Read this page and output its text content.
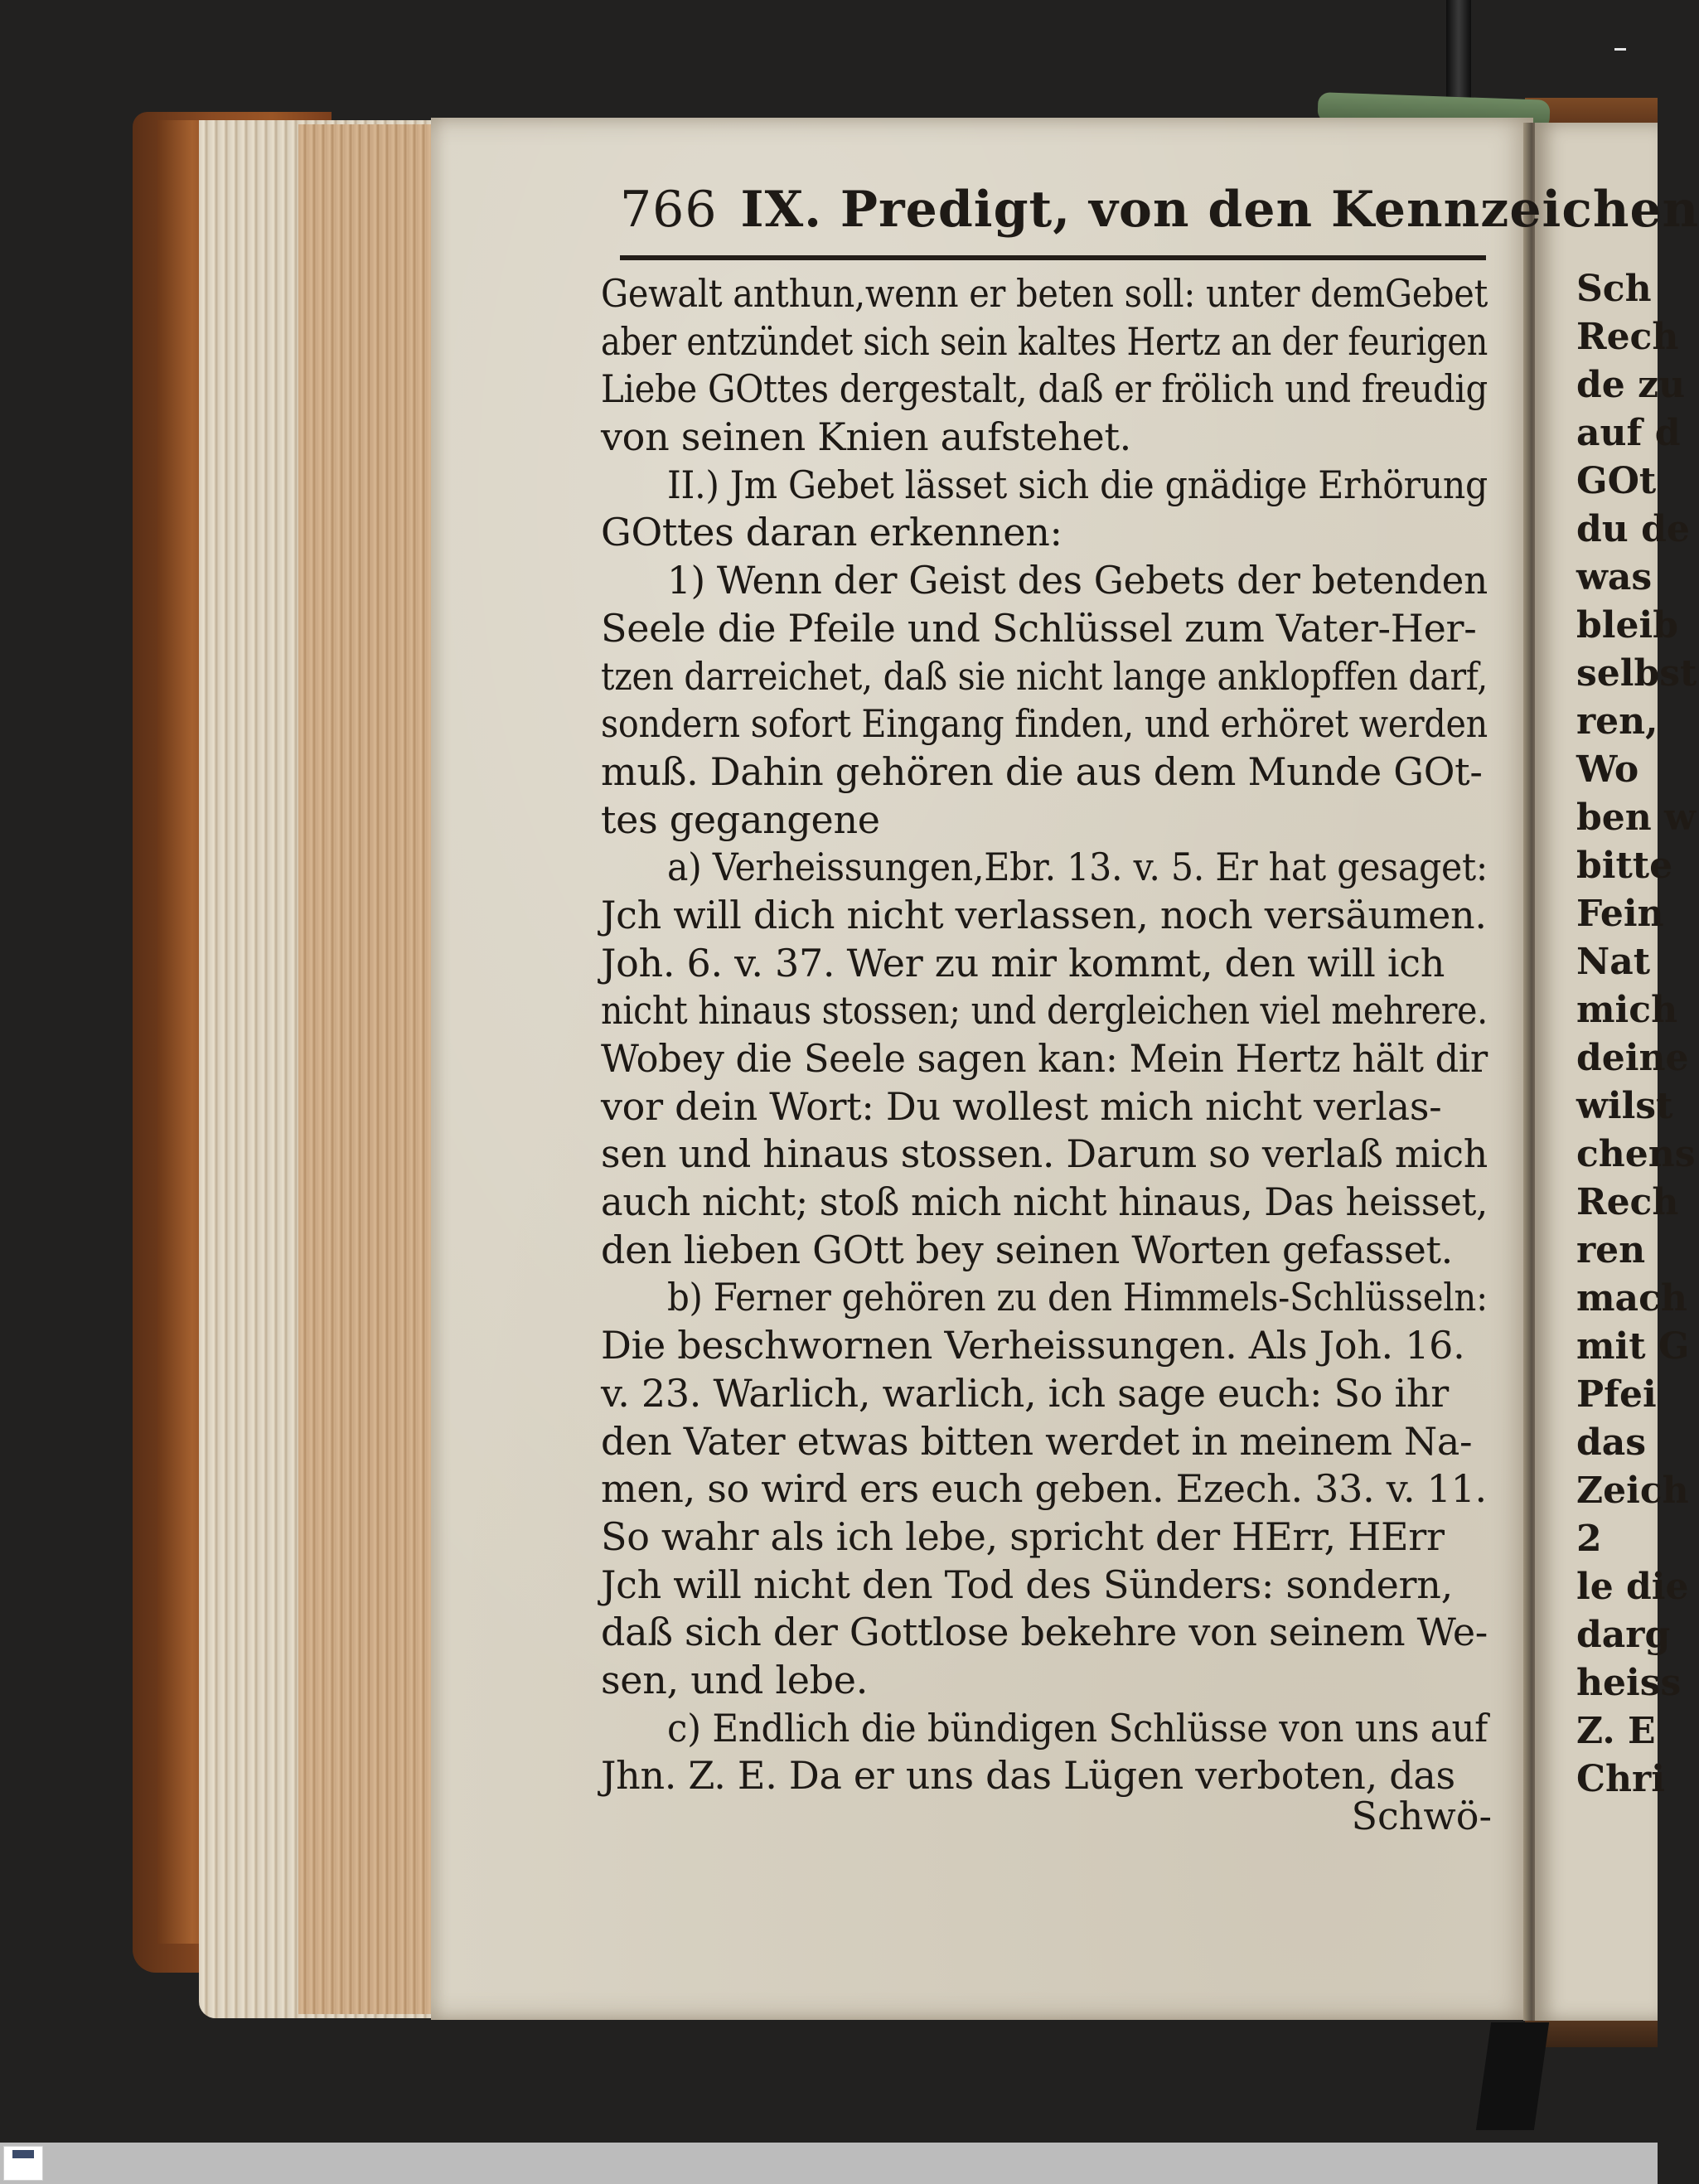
766 IX. Predigt, von den Kennzeichen
Gewalt anthun,wenn er beten soll: unter demGebet
aber entzündet sich sein kaltes Hertz an der feurigen
Liebe GOttes dergestalt, daß er frölich und freudig
von seinen Knien aufstehet.
II.) Jm Gebet lässet sich die gnädige Erhörung
GOttes daran erkennen:
1) Wenn der Geist des Gebets der betenden
Seele die Pfeile und Schlüssel zum Vater-Her-
tzen darreichet, daß sie nicht lange anklopffen darf,
sondern sofort Eingang finden, und erhöret werden
muß. Dahin gehören die aus dem Munde GOt-
tes gegangene
a) Verheissungen,Ebr. 13. v. 5. Er hat gesaget:
Jch will dich nicht verlassen, noch versäumen.
Joh. 6. v. 37. Wer zu mir kommt, den will ich
nicht hinaus stossen; und dergleichen viel mehrere.
Wobey die Seele sagen kan: Mein Hertz hält dir
vor dein Wort: Du wollest mich nicht verlas-
sen und hinaus stossen. Darum so verlaß mich
auch nicht; stoß mich nicht hinaus, Das heisset,
den lieben GOtt bey seinen Worten gefasset.
b) Ferner gehören zu den Himmels-Schlüsseln:
Die beschwornen Verheissungen. Als Joh. 16.
v. 23. Warlich, warlich, ich sage euch: So ihr
den Vater etwas bitten werdet in meinem Na-
men, so wird ers euch geben. Ezech. 33. v. 11.
So wahr als ich lebe, spricht der HErr, HErr
Jch will nicht den Tod des Sünders: sondern,
daß sich der Gottlose bekehre von seinem We-
sen, und lebe.
c) Endlich die bündigen Schlüsse von uns auf
Jhn. Z. E. Da er uns das Lügen verboten, das
Schwö-
Sch
Rech
de zu
auf d
GOt
du de
was
bleib
selbst
ren,
Wo
ben w
bitte
Fein
Nat
mich
deine
wilst
chens
Rech
ren
mach
mit G
Pfei
das
Zeich
2
le die
darg
heiss
Z. E
Chri
